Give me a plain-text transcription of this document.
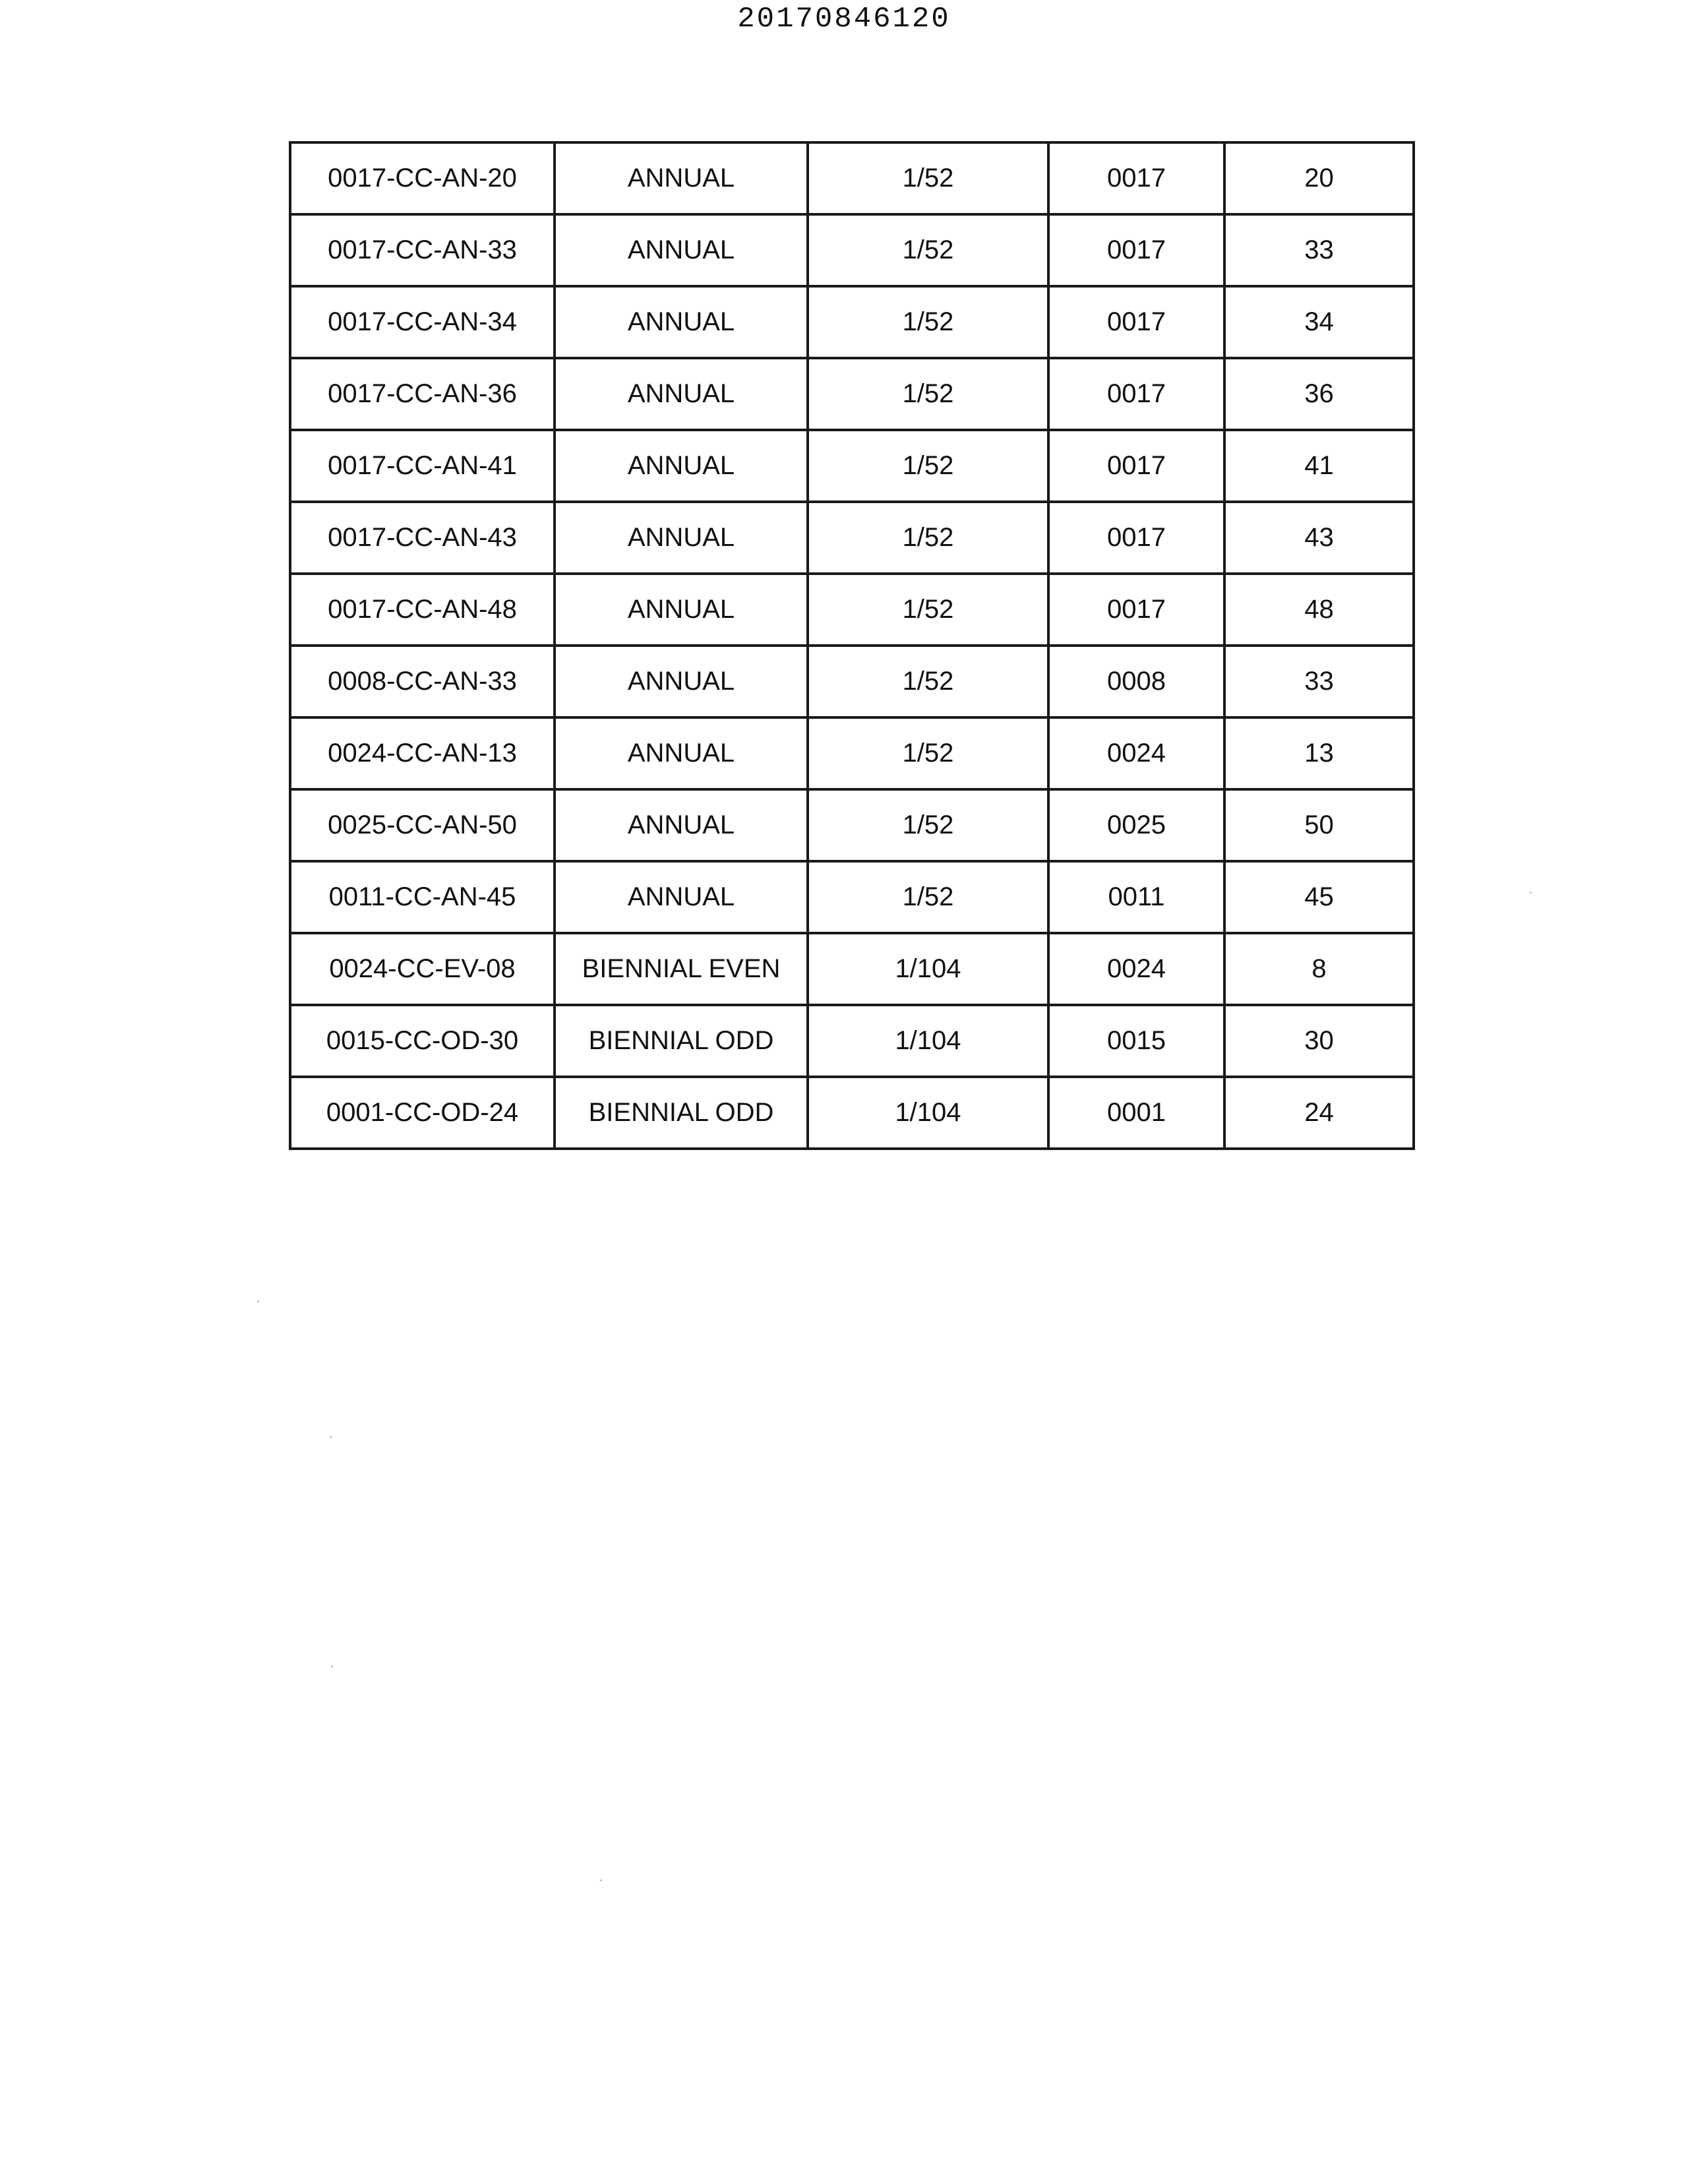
20170846120
0017-CC-AN-20	ANNUAL	1/52	0017	20
0017-CC-AN-33	ANNUAL	1/52	0017	33
0017-CC-AN-34	ANNUAL	1/52	0017	34
0017-CC-AN-36	ANNUAL	1/52	0017	36
0017-CC-AN-41	ANNUAL	1/52	0017	41
0017-CC-AN-43	ANNUAL	1/52	0017	43
0017-CC-AN-48	ANNUAL	1/52	0017	48
0008-CC-AN-33	ANNUAL	1/52	0008	33
0024-CC-AN-13	ANNUAL	1/52	0024	13
0025-CC-AN-50	ANNUAL	1/52	0025	50
0011-CC-AN-45	ANNUAL	1/52	0011	45
0024-CC-EV-08	BIENNIAL EVEN	1/104	0024	8
0015-CC-OD-30	BIENNIAL ODD	1/104	0015	30
0001-CC-OD-24	BIENNIAL ODD	1/104	0001	24
